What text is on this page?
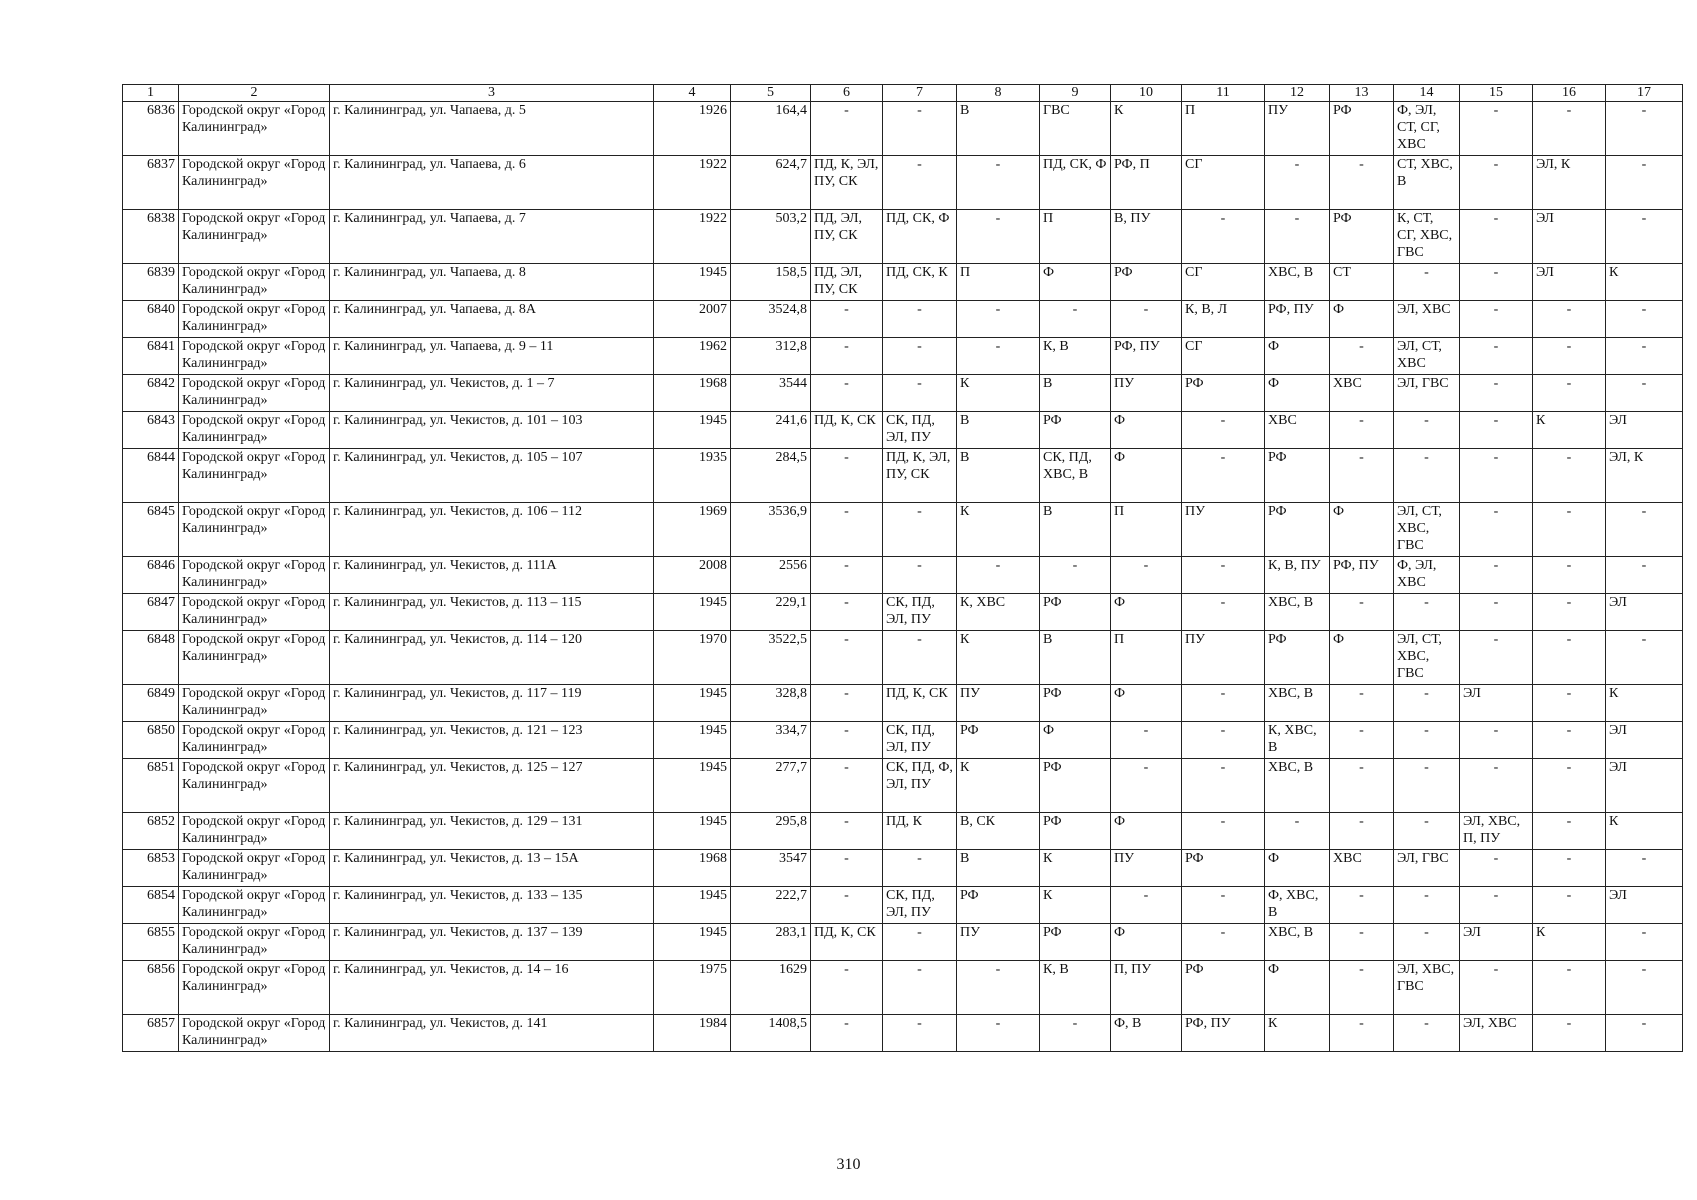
1	2	3	4	5	6	7	8	9	10	11	12	13	14	15	16	17
6836	Городской округ «Город Калининград»	г. Калининград, ул. Чапаева, д. 5	1926	164,4	-	-	В	ГВС	К	П	ПУ	РФ	Ф, ЭЛ, СТ, СГ, ХВС	-	-	-
6837	Городской округ «Город Калининград»	г. Калининград, ул. Чапаева, д. 6	1922	624,7	ПД, К, ЭЛ, ПУ, СК	-	-	ПД, СК, Ф	РФ, П	СГ	-	-	СТ, ХВС, В	-	ЭЛ, К	-
6838	Городской округ «Город Калининград»	г. Калининград, ул. Чапаева, д. 7	1922	503,2	ПД, ЭЛ, ПУ, СК	ПД, СК, Ф	-	П	В, ПУ	-	-	РФ	К, СТ, СГ, ХВС, ГВС	-	ЭЛ	-
6839	Городской округ «Город Калининград»	г. Калининград, ул. Чапаева, д. 8	1945	158,5	ПД, ЭЛ, ПУ, СК	ПД, СК, К	П	Ф	РФ	СГ	ХВС, В	СТ	-	-	ЭЛ	К
6840	Городской округ «Город Калининград»	г. Калининград, ул. Чапаева, д. 8А	2007	3524,8	-	-	-	-	-	К, В, Л	РФ, ПУ	Ф	ЭЛ, ХВС	-	-	-
6841	Городской округ «Город Калининград»	г. Калининград, ул. Чапаева, д. 9 – 11	1962	312,8	-	-	-	К, В	РФ, ПУ	СГ	Ф	-	ЭЛ, СТ, ХВС	-	-	-
6842	Городской округ «Город Калининград»	г. Калининград, ул. Чекистов, д. 1 – 7	1968	3544	-	-	К	В	ПУ	РФ	Ф	ХВС	ЭЛ, ГВС	-	-	-
6843	Городской округ «Город Калининград»	г. Калининград, ул. Чекистов, д. 101 – 103	1945	241,6	ПД, К, СК	СК, ПД, ЭЛ, ПУ	В	РФ	Ф	-	ХВС	-	-	-	К	ЭЛ
6844	Городской округ «Город Калининград»	г. Калининград, ул. Чекистов, д. 105 – 107	1935	284,5	-	ПД, К, ЭЛ, ПУ, СК	В	СК, ПД, ХВС, В	Ф	-	РФ	-	-	-	-	ЭЛ, К
6845	Городской округ «Город Калининград»	г. Калининград, ул. Чекистов, д. 106 – 112	1969	3536,9	-	-	К	В	П	ПУ	РФ	Ф	ЭЛ, СТ, ХВС, ГВС	-	-	-
6846	Городской округ «Город Калининград»	г. Калининград, ул. Чекистов, д. 111А	2008	2556	-	-	-	-	-	-	К, В, ПУ	РФ, ПУ	Ф, ЭЛ, ХВС	-	-	-
6847	Городской округ «Город Калининград»	г. Калининград, ул. Чекистов, д. 113 – 115	1945	229,1	-	СК, ПД, ЭЛ, ПУ	К, ХВС	РФ	Ф	-	ХВС, В	-	-	-	-	ЭЛ
6848	Городской округ «Город Калининград»	г. Калининград, ул. Чекистов, д. 114 – 120	1970	3522,5	-	-	К	В	П	ПУ	РФ	Ф	ЭЛ, СТ, ХВС, ГВС	-	-	-
6849	Городской округ «Город Калининград»	г. Калининград, ул. Чекистов, д. 117 – 119	1945	328,8	-	ПД, К, СК	ПУ	РФ	Ф	-	ХВС, В	-	-	ЭЛ	-	К
6850	Городской округ «Город Калининград»	г. Калининград, ул. Чекистов, д. 121 – 123	1945	334,7	-	СК, ПД, ЭЛ, ПУ	РФ	Ф	-	-	К, ХВС, В	-	-	-	-	ЭЛ
6851	Городской округ «Город Калининград»	г. Калининград, ул. Чекистов, д. 125 – 127	1945	277,7	-	СК, ПД, Ф, ЭЛ, ПУ	К	РФ	-	-	ХВС, В	-	-	-	-	ЭЛ
6852	Городской округ «Город Калининград»	г. Калининград, ул. Чекистов, д. 129 – 131	1945	295,8	-	ПД, К	В, СК	РФ	Ф	-	-	-	-	ЭЛ, ХВС, П, ПУ	-	К
6853	Городской округ «Город Калининград»	г. Калининград, ул. Чекистов, д. 13 – 15А	1968	3547	-	-	В	К	ПУ	РФ	Ф	ХВС	ЭЛ, ГВС	-	-	-
6854	Городской округ «Город Калининград»	г. Калининград, ул. Чекистов, д. 133 – 135	1945	222,7	-	СК, ПД, ЭЛ, ПУ	РФ	К	-	-	Ф, ХВС, В	-	-	-	-	ЭЛ
6855	Городской округ «Город Калининград»	г. Калининград, ул. Чекистов, д. 137 – 139	1945	283,1	ПД, К, СК	-	ПУ	РФ	Ф	-	ХВС, В	-	-	ЭЛ	К	-
6856	Городской округ «Город Калининград»	г. Калининград, ул. Чекистов, д. 14 – 16	1975	1629	-	-	-	К, В	П, ПУ	РФ	Ф	-	ЭЛ, ХВС, ГВС	-	-	-
6857	Городской округ «Город Калининград»	г. Калининград, ул. Чекистов, д. 141	1984	1408,5	-	-	-	-	Ф, В	РФ, ПУ	К	-	-	ЭЛ, ХВС	-	-
310
